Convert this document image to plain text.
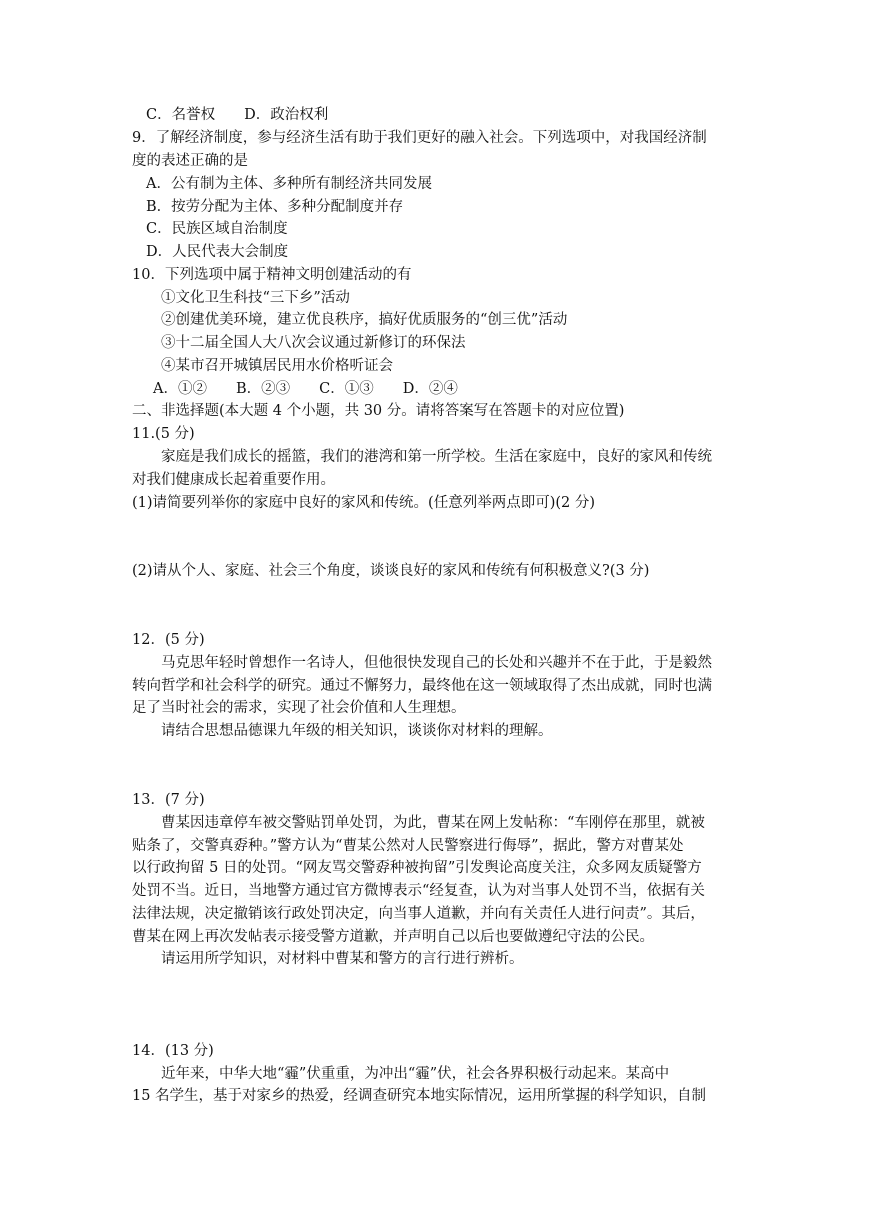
C．名誉权　　D．政治权利

9．了解经济制度，参与经济生活有助于我们更好的融入社会。下列选项中，对我国经济制

度的表述正确的是

A．公有制为主体、多种所有制经济共同发展

B．按劳分配为主体、多种分配制度并存

C．民族区域自治制度

D．人民代表大会制度

10．下列选项中属于精神文明创建活动的有

①文化卫生科技“三下乡”活动

②创建优美环境，建立优良秩序，搞好优质服务的“创三优”活动

③十二届全国人大八次会议通过新修订的环保法

④某市召开城镇居民用水价格听证会

A．①②　　B．②③　　C．①③　　D．②④

二、非选择题(本大题 4 个小题，共 30 分。请将答案写在答题卡的对应位置)

11.(5 分)

家庭是我们成长的摇篮，我们的港湾和第一所学校。生活在家庭中，良好的家风和传统

对我们健康成长起着重要作用。

(1)请简要列举你的家庭中良好的家风和传统。(任意列举两点即可)(2 分)

(2)请从个人、家庭、社会三个角度，谈谈良好的家风和传统有何积极意义?(3 分)

12．(5 分)

马克思年轻时曾想作一名诗人，但他很快发现自己的长处和兴趣并不在于此，于是毅然

转向哲学和社会科学的研究。通过不懈努力，最终他在这一领域取得了杰出成就，同时也满

足了当时社会的需求，实现了社会价值和人生理想。

请结合思想品德课九年级的相关知识，谈谈你对材料的理解。

13．(7 分)

曹某因违章停车被交警贴罚单处罚，为此，曹某在网上发帖称：“车刚停在那里，就被

贴条了，交警真孬种。”警方认为“曹某公然对人民警察进行侮辱”，据此，警方对曹某处

以行政拘留 5 日的处罚。“网友骂交警孬种被拘留”引发舆论高度关注，众多网友质疑警方

处罚不当。近日，当地警方通过官方微博表示“经复查，认为对当事人处罚不当，依据有关

法律法规，决定撤销该行政处罚决定，向当事人道歉，并向有关责任人进行问责”。其后，

曹某在网上再次发帖表示接受警方道歉，并声明自己以后也要做遵纪守法的公民。

请运用所学知识，对材料中曹某和警方的言行进行辨析。

14．(13 分)

近年来，中华大地“霾”伏重重，为冲出“霾”伏，社会各界积极行动起来。某高中

15 名学生，基于对家乡的热爱，经调查研究本地实际情况，运用所掌握的科学知识，自制
